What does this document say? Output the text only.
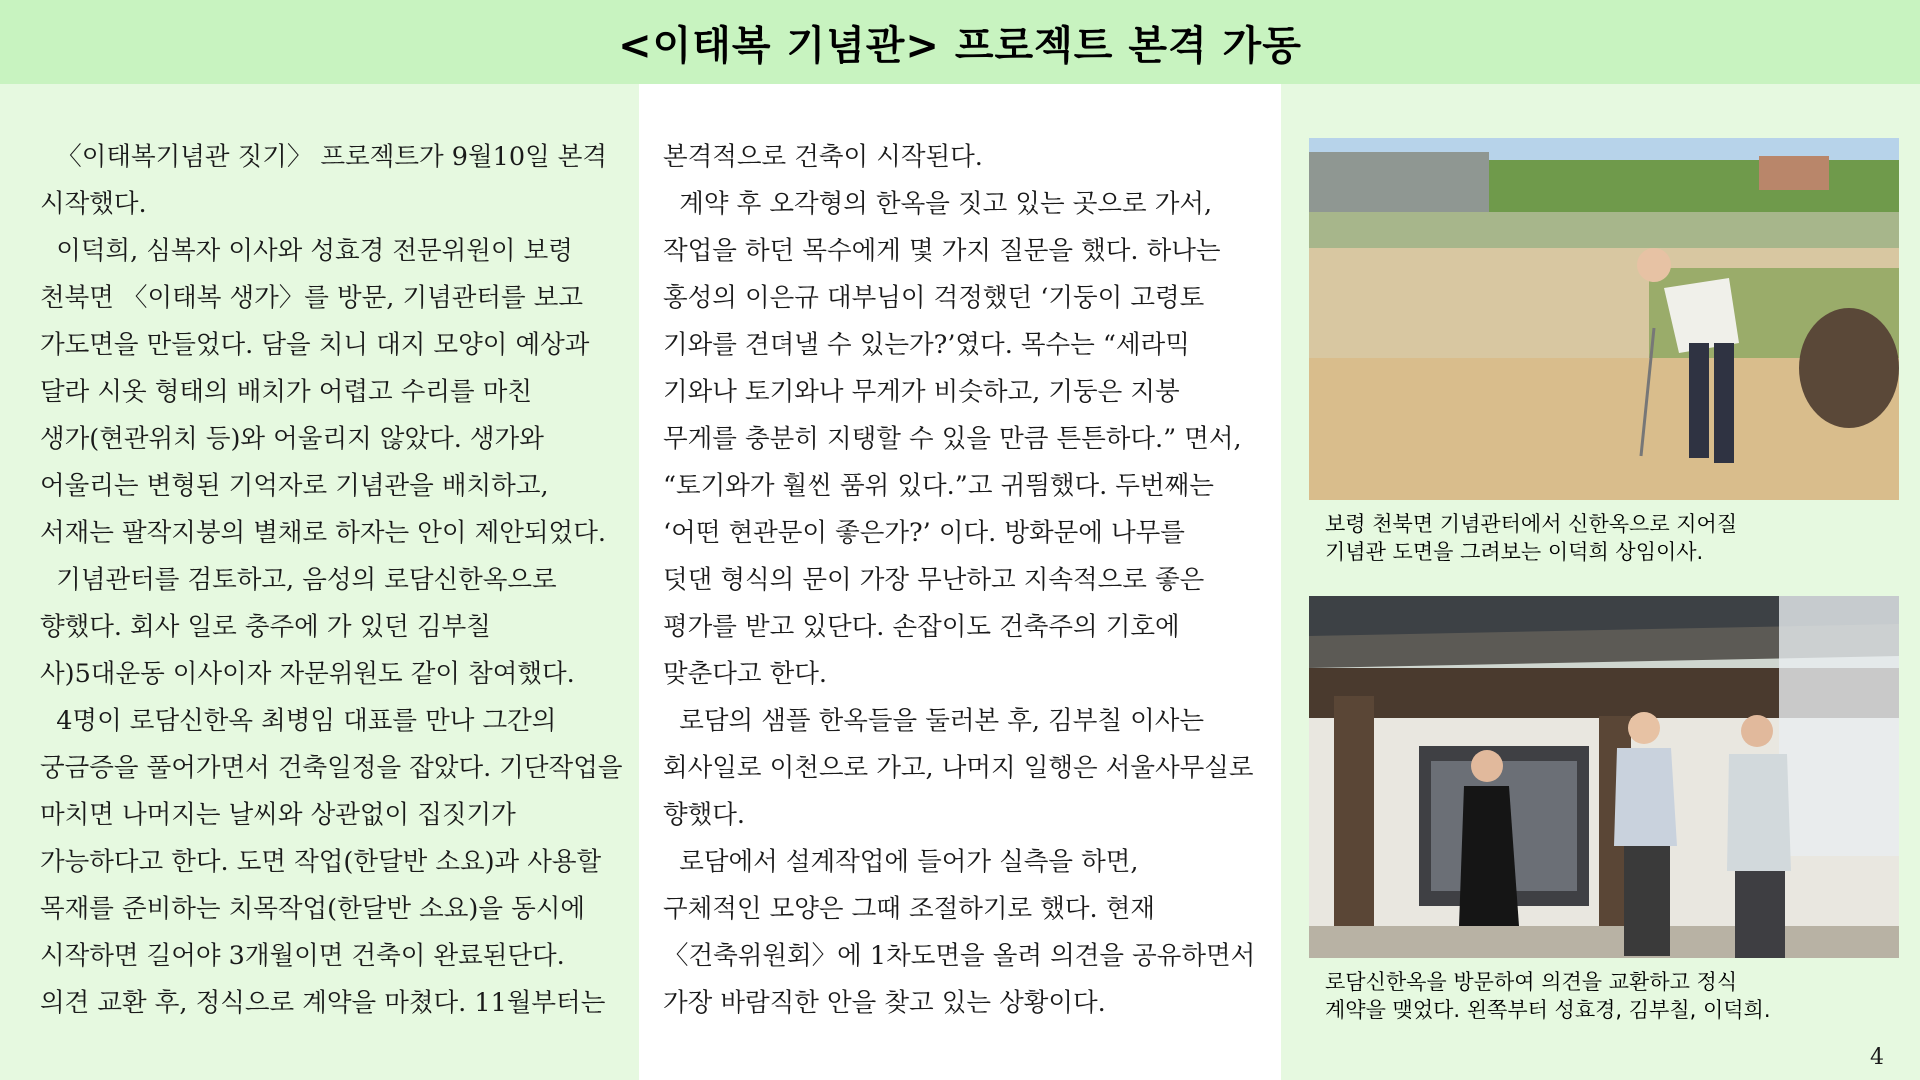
<이태복 기념관> 프로젝트 본격 가동

〈이태복기념관 짓기〉 프로젝트가 9월10일 본격

시작했다.

이덕희, 심복자 이사와 성효경 전문위원이 보령

천북면 〈이태복 생가〉를 방문, 기념관터를 보고

가도면을 만들었다. 담을 치니 대지 모양이 예상과

달라 시옷 형태의 배치가 어렵고 수리를 마친

생가(현관위치 등)와 어울리지 않았다. 생가와

어울리는 변형된 기억자로 기념관을 배치하고,

서재는 팔작지붕의 별채로 하자는 안이 제안되었다.

기념관터를 검토하고, 음성의 로담신한옥으로

향했다. 회사 일로 충주에 가 있던 김부칠

사)5대운동 이사이자 자문위원도 같이 참여했다.

4명이 로담신한옥 최병임 대표를 만나 그간의

궁금증을 풀어가면서 건축일정을 잡았다. 기단작업을

마치면 나머지는 날씨와 상관없이 집짓기가

가능하다고 한다. 도면 작업(한달반 소요)과 사용할

목재를 준비하는 치목작업(한달반 소요)을 동시에

시작하면 길어야 3개월이면 건축이 완료된단다.

의견 교환 후, 정식으로 계약을 마쳤다. 11월부터는

본격적으로 건축이 시작된다.

계약 후 오각형의 한옥을 짓고 있는 곳으로 가서,

작업을 하던 목수에게 몇 가지 질문을 했다. 하나는

홍성의 이은규 대부님이 걱정했던 ‘기둥이 고령토

기와를 견뎌낼 수 있는가?’였다. 목수는 “세라믹

기와나 토기와나 무게가 비슷하고, 기둥은 지붕

무게를 충분히 지탱할 수 있을 만큼 튼튼하다.” 면서,

“토기와가 훨씬 품위 있다.”고 귀띔했다. 두번째는

‘어떤 현관문이 좋은가?’ 이다. 방화문에 나무를

덧댄 형식의 문이 가장 무난하고 지속적으로 좋은

평가를 받고 있단다. 손잡이도 건축주의 기호에

맞춘다고 한다.

로담의 샘플 한옥들을 둘러본 후, 김부칠 이사는

회사일로 이천으로 가고, 나머지 일행은 서울사무실로

향했다.

로담에서 설계작업에 들어가 실측을 하면,

구체적인 모양은 그때 조절하기로 했다. 현재

〈건축위원회〉에 1차도면을 올려 의견을 공유하면서

가장 바람직한 안을 찾고 있는 상황이다.

보령 천북면 기념관터에서 신한옥으로 지어질
기념관 도면을 그려보는 이덕희 상임이사.
로담신한옥을 방문하여 의견을 교환하고 정식
계약을 맺었다. 왼쪽부터 성효경, 김부칠, 이덕희.
4
